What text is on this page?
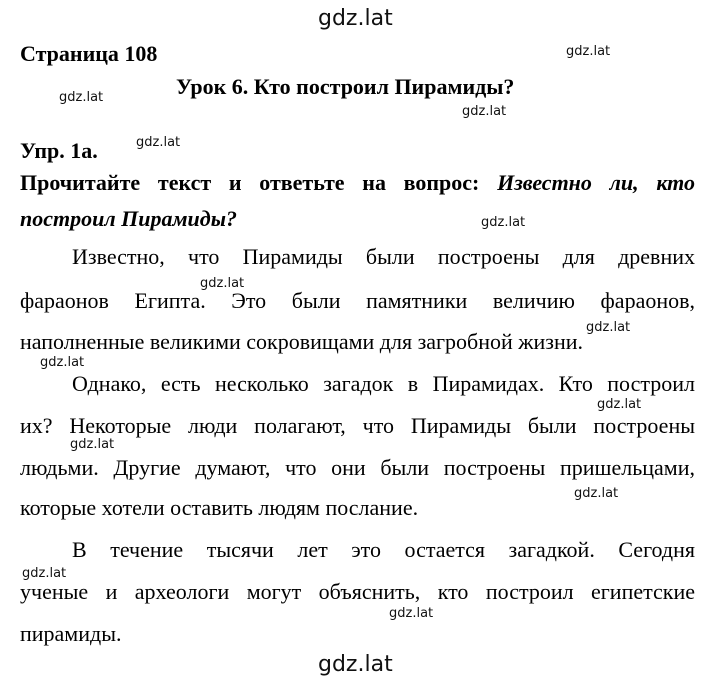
gdz.lat
gdz.lat
gdz.lat
gdz.lat
gdz.lat
gdz.lat
gdz.lat
gdz.lat
gdz.lat
gdz.lat
gdz.lat
gdz.lat
gdz.lat
gdz.lat
gdz.lat
Страница 108
Урок 6. Кто построил Пирамиды?
Упр. 1а.
Прочитайте текст и ответьте на вопрос: Известно ли, кто
построил Пирамиды?
Известно, что Пирамиды были построены для древних
фараонов Египта. Это были памятники величию фараонов,
наполненные великими сокровищами для загробной жизни.
Однако, есть несколько загадок в Пирамидах. Кто построил
их? Некоторые люди полагают, что Пирамиды были построены
людьми. Другие думают, что они были построены пришельцами,
которые хотели оставить людям послание.
В течение тысячи лет это остается загадкой. Сегодня
ученые и археологи могут объяснить, кто построил египетские
пирамиды.
